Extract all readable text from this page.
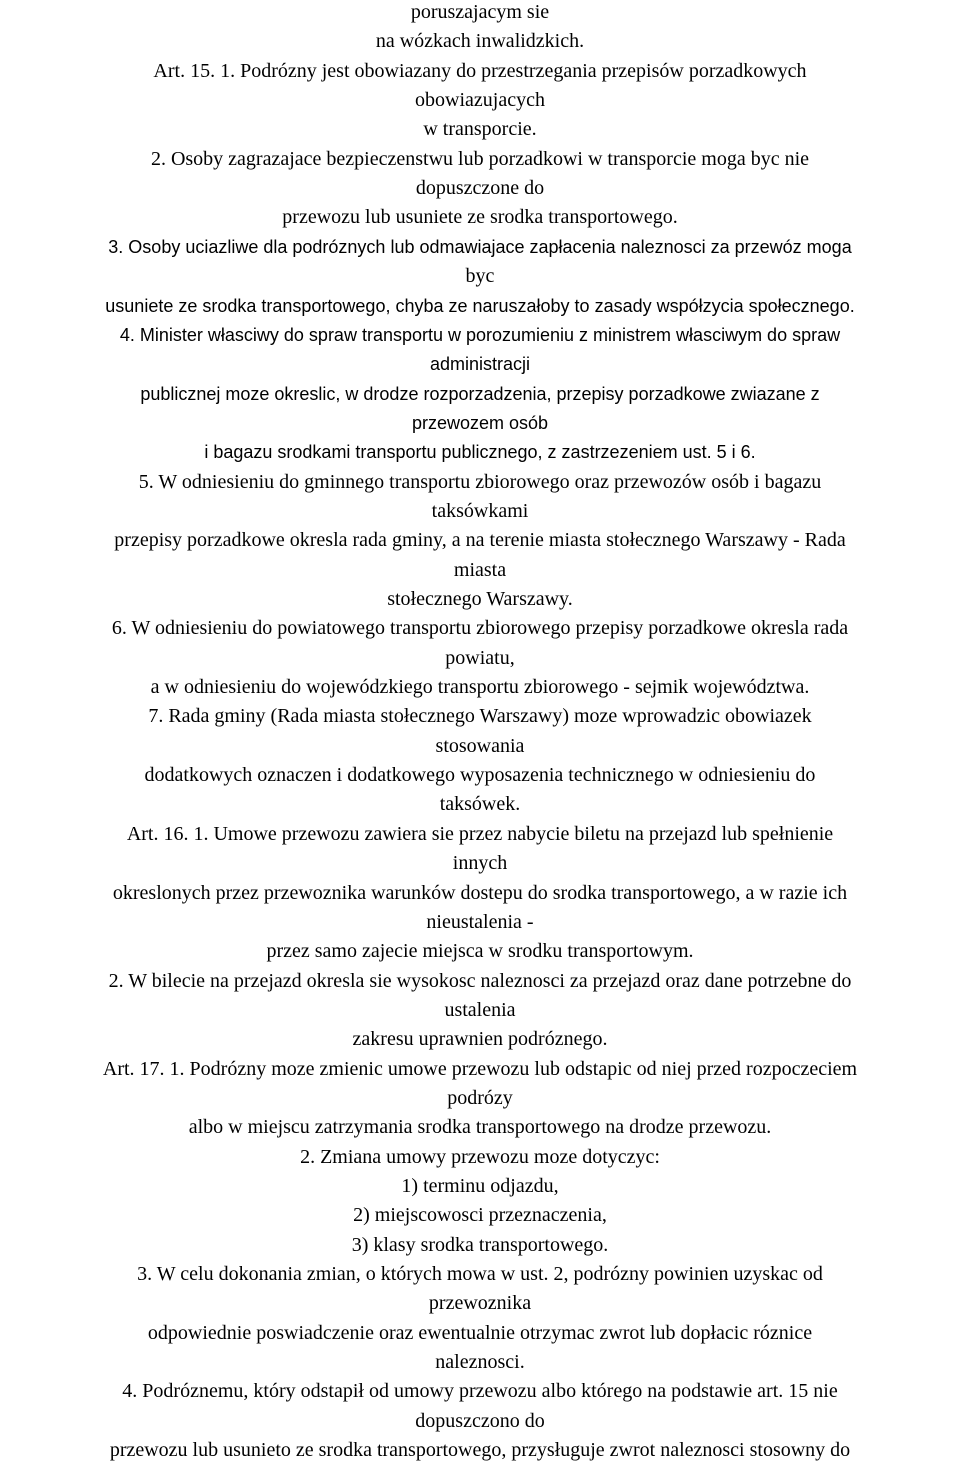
poruszajacym sie
na wózkach inwalidzkich.
Art. 15. 1. Podrózny jest obowiazany do przestrzegania przepisów porzadkowych
obowiazujacych
w transporcie.
2. Osoby zagrazajace bezpieczenstwu lub porzadkowi w transporcie moga byc nie
dopuszczone do
przewozu lub usuniete ze srodka transportowego.
3. Osoby uciazliwe dla podróznych lub odmawiajace zapłacenia naleznosci za przewóz moga
byc
usuniete ze srodka transportowego, chyba ze naruszałoby to zasady współzycia społecznego.
4. Minister własciwy do spraw transportu w porozumieniu z ministrem własciwym do spraw
administracji
publicznej moze okreslic, w drodze rozporzadzenia, przepisy porzadkowe zwiazane z
przewozem osób
i bagazu srodkami transportu publicznego, z zastrzezeniem ust. 5 i 6.
5. W odniesieniu do gminnego transportu zbiorowego oraz przewozów osób i bagazu
taksówkami
przepisy porzadkowe okresla rada gminy, a na terenie miasta stołecznego Warszawy - Rada
miasta
stołecznego Warszawy.
6. W odniesieniu do powiatowego transportu zbiorowego przepisy porzadkowe okresla rada
powiatu,
a w odniesieniu do wojewódzkiego transportu zbiorowego - sejmik województwa.
7. Rada gminy (Rada miasta stołecznego Warszawy) moze wprowadzic obowiazek
stosowania
dodatkowych oznaczen i dodatkowego wyposazenia technicznego w odniesieniu do
taksówek.
Art. 16. 1. Umowe przewozu zawiera sie przez nabycie biletu na przejazd lub spełnienie
innych
okreslonych przez przewoznika warunków dostepu do srodka transportowego, a w razie ich
nieustalenia -
przez samo zajecie miejsca w srodku transportowym.
2. W bilecie na przejazd okresla sie wysokosc naleznosci za przejazd oraz dane potrzebne do
ustalenia
zakresu uprawnien podróznego.
Art. 17. 1. Podrózny moze zmienic umowe przewozu lub odstapic od niej przed rozpoczeciem
podrózy
albo w miejscu zatrzymania srodka transportowego na drodze przewozu.
2. Zmiana umowy przewozu moze dotyczyc:
1) terminu odjazdu,
2) miejscowosci przeznaczenia,
3) klasy srodka transportowego.
3. W celu dokonania zmian, o których mowa w ust. 2, podrózny powinien uzyskac od
przewoznika
odpowiednie poswiadczenie oraz ewentualnie otrzymac zwrot lub dopłacic róznice
naleznosci.
4. Podróznemu, który odstapił od umowy przewozu albo którego na podstawie art. 15 nie
dopuszczono do
przewozu lub usunieto ze srodka transportowego, przysługuje zwrot naleznosci stosowny do
